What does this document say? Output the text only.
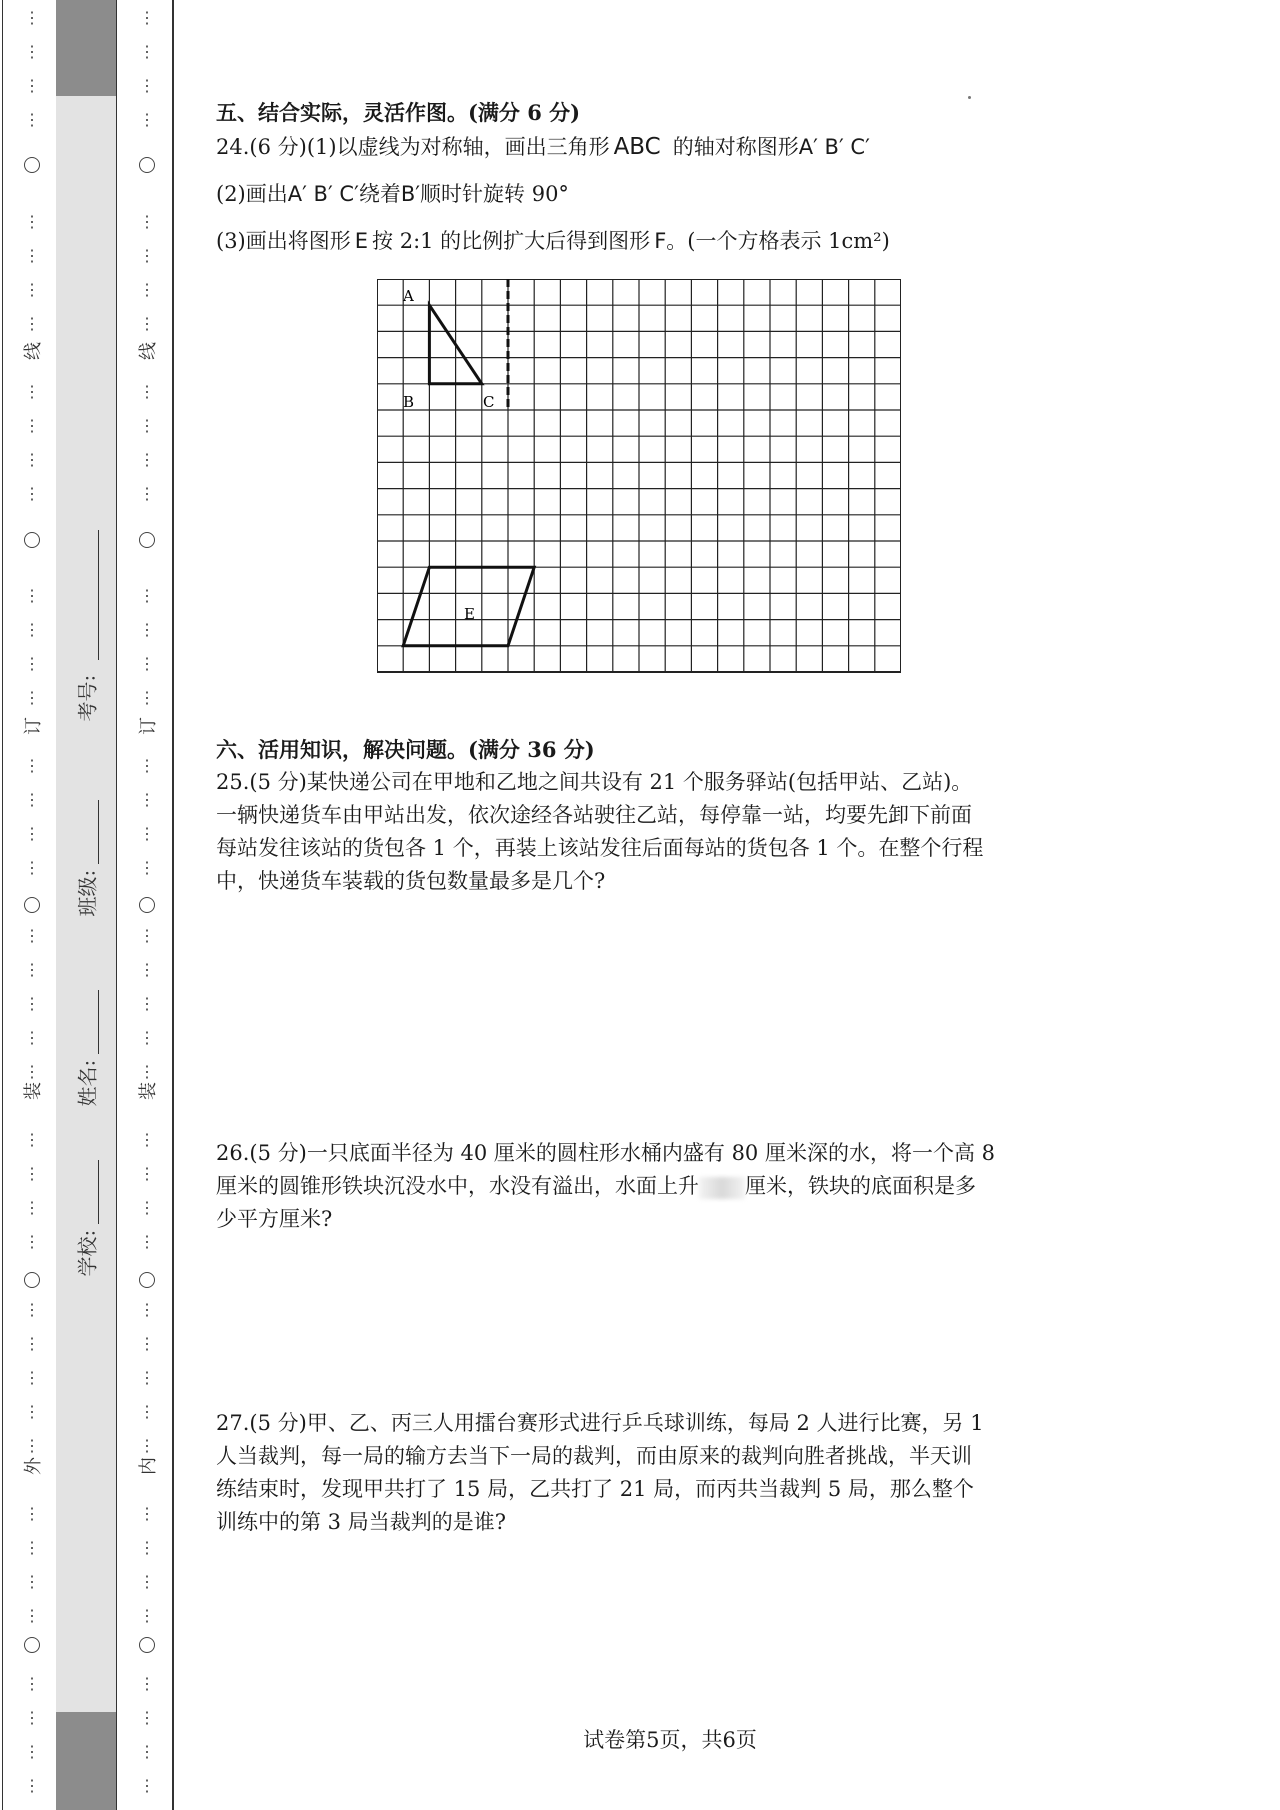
⋮
⋮
⋮
⋮
⋮
⋮
⋮
⋮
⋮
⋮
⋮
⋮
⋮
⋮
⋮
⋮
⋮
⋮
⋮
⋮
⋮
⋮
⋮
⋮
⋮
⋮
⋮
⋮
⋮
⋮
⋮
⋮
⋮
⋮
⋮
⋮
⋮
⋮
⋮
⋮
⋮
⋮
线
订
装
外
学校:
姓名:
班级:
考号:
⋮
⋮
⋮
⋮
⋮
⋮
⋮
⋮
⋮
⋮
⋮
⋮
⋮
⋮
⋮
⋮
⋮
⋮
⋮
⋮
⋮
⋮
⋮
⋮
⋮
⋮
⋮
⋮
⋮
⋮
⋮
⋮
⋮
⋮
⋮
⋮
⋮
⋮
⋮
⋮
⋮
⋮
线
订
装
内

五、结合实际，灵活作图。(满分 6 分)

24.(6 分)(1)以虚线为对称轴，画出三角形 ABC 的轴对称图形A′ B′ C′

(2)画出A′ B′ C′绕着B′顺时针旋转 90°

(3)画出将图形 E 按 2:1 的比例扩大后得到图形 F。(一个方格表示 1cm²)

A
B	C
E

六、活用知识，解决问题。(满分 36 分)

25.(5 分)某快递公司在甲地和乙地之间共设有 21 个服务驿站(包括甲站、乙站)。

一辆快递货车由甲站出发，依次途经各站驶往乙站，每停靠一站，均要先卸下前面

每站发往该站的货包各 1 个，再装上该站发往后面每站的货包各 1 个。在整个行程

中，快递货车装载的货包数量最多是几个?

26.(5 分)一只底面半径为 40 厘米的圆柱形水桶内盛有 80 厘米深的水，将一个高 8

厘米的圆锥形铁块沉没水中，水没有溢出，水面上升 厘米，铁块的底面积是多

少平方厘米?

27.(5 分)甲、乙、丙三人用擂台赛形式进行乒乓球训练，每局 2 人进行比赛，另 1

人当裁判，每一局的输方去当下一局的裁判，而由原来的裁判向胜者挑战，半天训

练结束时，发现甲共打了 15 局，乙共打了 21 局，而丙共当裁判 5 局，那么整个

训练中的第 3 局当裁判的是谁?

试卷第5页，共6页
